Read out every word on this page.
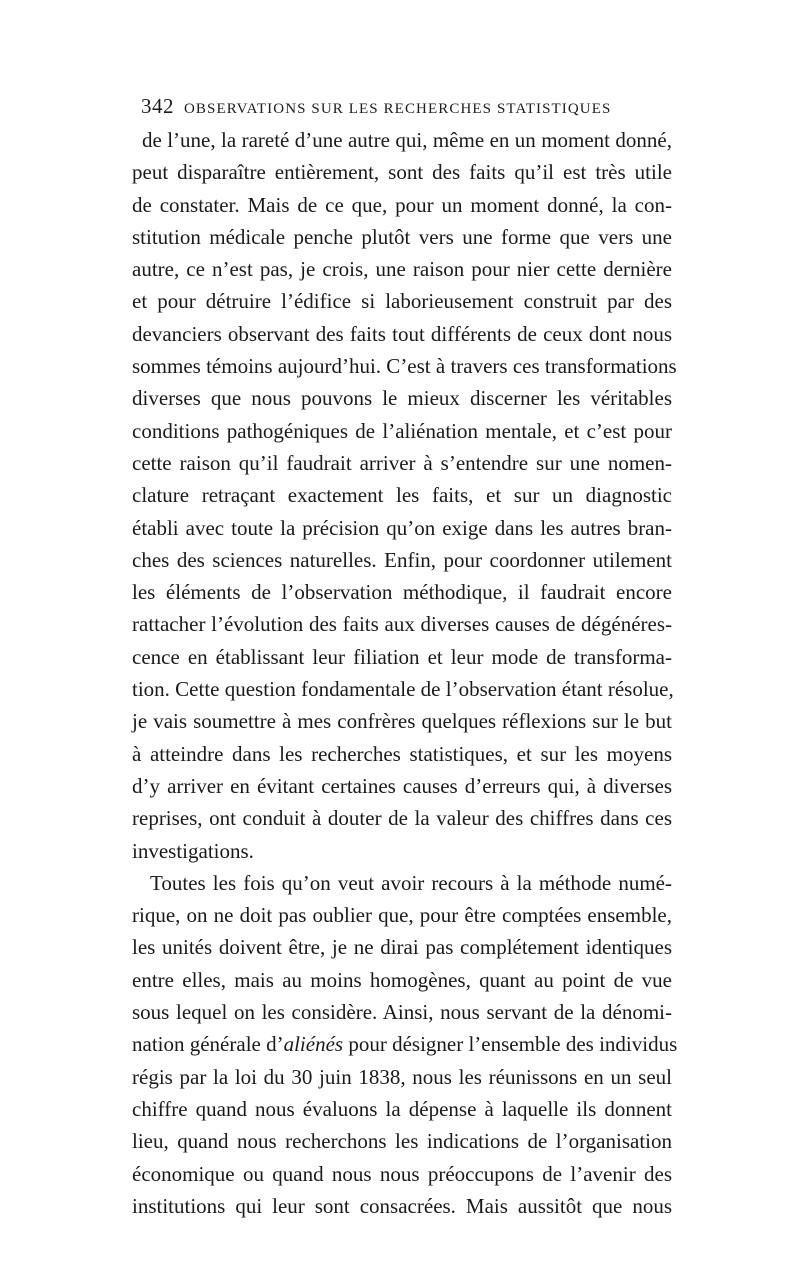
342 OBSERVATIONS SUR LES RECHERCHES STATISTIQUES
de l’une, la rareté d’une autre qui, même en un moment donné,
peut disparaître entièrement, sont des faits qu’il est très utile
de constater. Mais de ce que, pour un moment donné, la con-
stitution médicale penche plutôt vers une forme que vers une
autre, ce n’est pas, je crois, une raison pour nier cette dernière
et pour détruire l’édifice si laborieusement construit par des
devanciers observant des faits tout différents de ceux dont nous
sommes témoins aujourd’hui. C’est à travers ces transformations
diverses que nous pouvons le mieux discerner les véritables
conditions pathogéniques de l’aliénation mentale, et c’est pour
cette raison qu’il faudrait arriver à s’entendre sur une nomen-
clature retraçant exactement les faits, et sur un diagnostic
établi avec toute la précision qu’on exige dans les autres bran-
ches des sciences naturelles. Enfin, pour coordonner utilement
les éléments de l’observation méthodique, il faudrait encore
rattacher l’évolution des faits aux diverses causes de dégénéres-
cence en établissant leur filiation et leur mode de transforma-
tion. Cette question fondamentale de l’observation étant résolue,
je vais soumettre à mes confrères quelques réflexions sur le but
à atteindre dans les recherches statistiques, et sur les moyens
d’y arriver en évitant certaines causes d’erreurs qui, à diverses
reprises, ont conduit à douter de la valeur des chiffres dans ces
investigations.
Toutes les fois qu’on veut avoir recours à la méthode numé-
rique, on ne doit pas oublier que, pour être comptées ensemble,
les unités doivent être, je ne dirai pas complétement identiques
entre elles, mais au moins homogènes, quant au point de vue
sous lequel on les considère. Ainsi, nous servant de la dénomi-
nation générale d’aliénés pour désigner l’ensemble des individus
régis par la loi du 30 juin 1838, nous les réunissons en un seul
chiffre quand nous évaluons la dépense à laquelle ils donnent
lieu, quand nous recherchons les indications de l’organisation
économique ou quand nous nous préoccupons de l’avenir des
institutions qui leur sont consacrées. Mais aussitôt que nous
